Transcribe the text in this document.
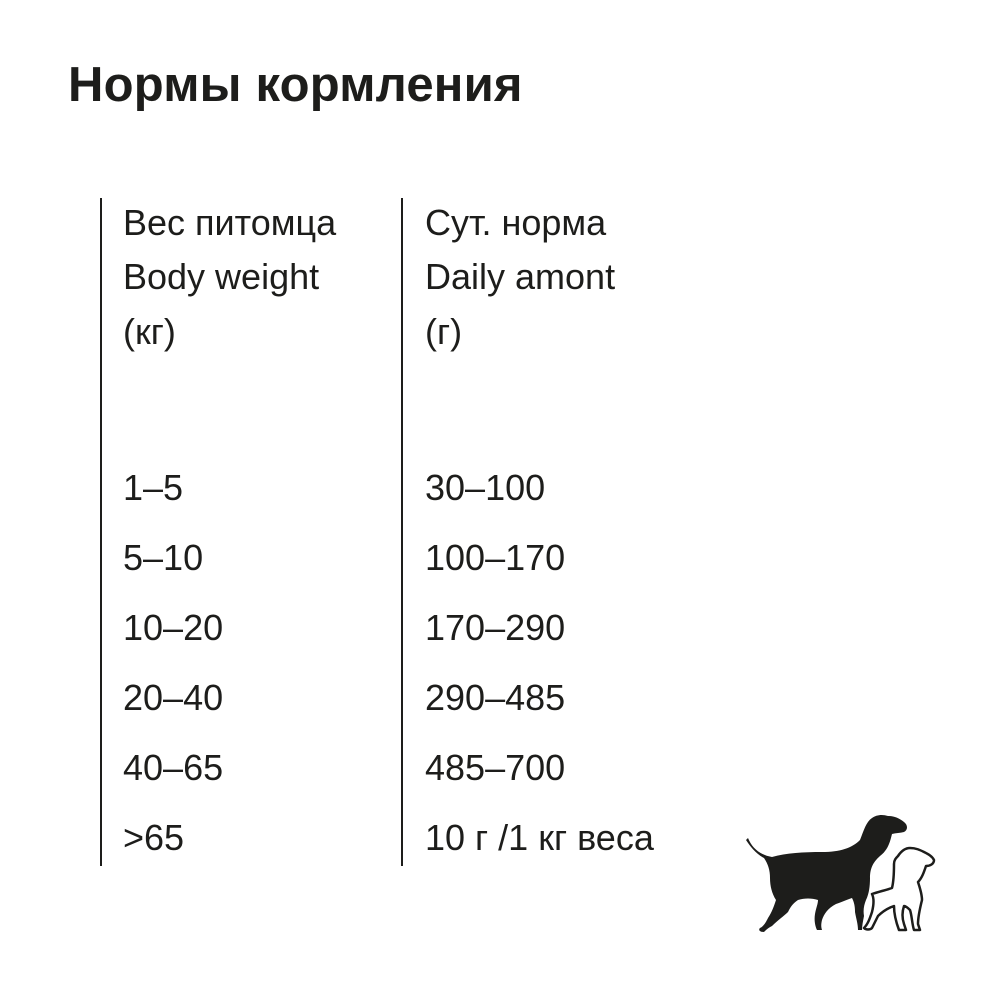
Нормы кормления
Вес питомца
Body weight
(кг)
1–5
5–10
10–20
20–40
40–65
>65
Сут. норма
Daily amont
(г)
30–100
100–170
170–290
290–485
485–700
10 г /1 кг веса
